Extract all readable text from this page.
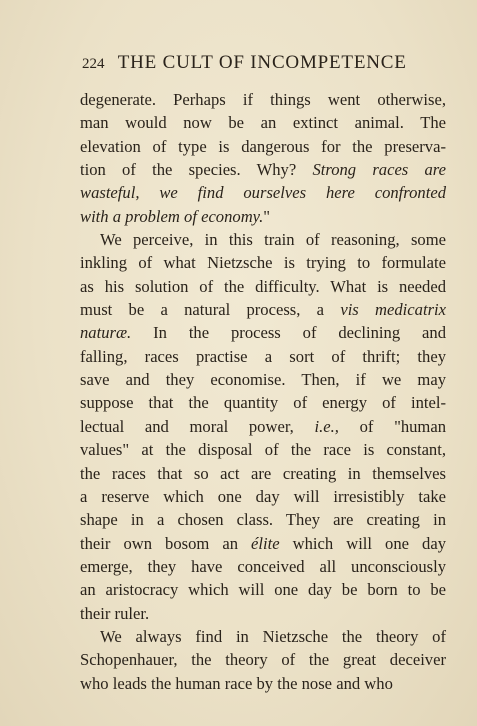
224 THE CULT OF INCOMPETENCE
degenerate. Perhaps if things went otherwise,
man would now be an extinct animal. The
elevation of type is dangerous for the preserva-
tion of the species. Why? Strong races are
wasteful, we find ourselves here confronted
with a problem of economy."
We perceive, in this train of reasoning, some
inkling of what Nietzsche is trying to formulate
as his solution of the difficulty. What is needed
must be a natural process, a vis medicatrix
naturæ. In the process of declining and
falling, races practise a sort of thrift; they
save and they economise. Then, if we may
suppose that the quantity of energy of intel-
lectual and moral power, i.e., of "human
values" at the disposal of the race is constant,
the races that so act are creating in themselves
a reserve which one day will irresistibly take
shape in a chosen class. They are creating in
their own bosom an élite which will one day
emerge, they have conceived all unconsciously
an aristocracy which will one day be born to be
their ruler.
We always find in Nietzsche the theory of
Schopenhauer, the theory of the great deceiver
who leads the human race by the nose and who
